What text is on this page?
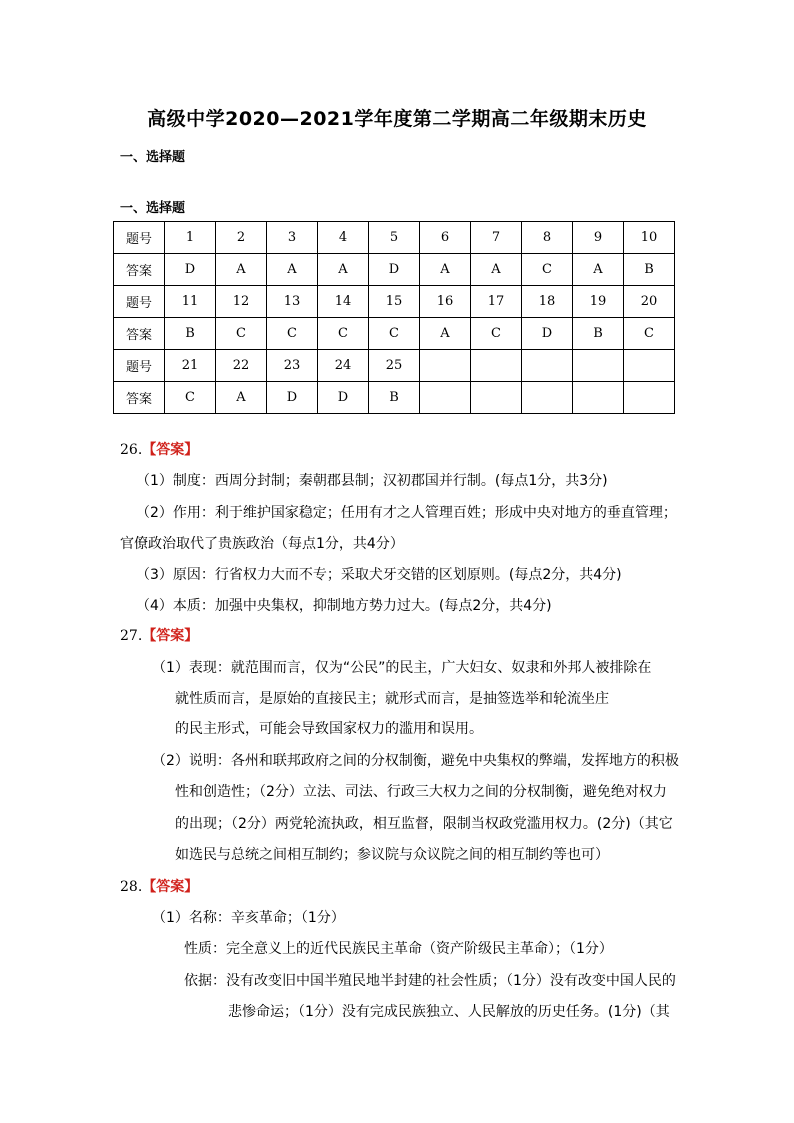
高级中学2020—2021学年度第二学期高二年级期末历史
一、选择题
一、选择题
题号	1	2	3	4	5	6	7	8	9	10
答案	D	A	A	A	D	A	A	C	A	B
题号	11	12	13	14	15	16	17	18	19	20
答案	B	C	C	C	C	A	C	D	B	C
题号	21	22	23	24	25					
答案	C	A	D	D	B					
26.【答案】
（1）制度：西周分封制；秦朝郡县制；汉初郡国并行制。(每点1分，共3分)
（2）作用：利于维护国家稳定；任用有才之人管理百姓；形成中央对地方的垂直管理；
官僚政治取代了贵族政治（每点1分，共4分）
（3）原因：行省权力大而不专；采取犬牙交错的区划原则。(每点2分，共4分)
（4）本质：加强中央集权，抑制地方势力过大。(每点2分，共4分)
27.【答案】
（1）表现：就范围而言，仅为“公民”的民主，广大妇女、奴隶和外邦人被排除在
就性质而言，是原始的直接民主；就形式而言，是抽签选举和轮流坐庄
的民主形式，可能会导致国家权力的滥用和误用。
（2）说明：各州和联邦政府之间的分权制衡，避免中央集权的弊端，发挥地方的积极
性和创造性；（2分）立法、司法、行政三大权力之间的分权制衡，避免绝对权力
的出现；（2分）两党轮流执政，相互监督，限制当权政党滥用权力。(2分)（其它
如选民与总统之间相互制约；参议院与众议院之间的相互制约等也可）
28.【答案】
（1）名称：辛亥革命；（1分）
性质：完全意义上的近代民族民主革命（资产阶级民主革命）；（1分）
依据：没有改变旧中国半殖民地半封建的社会性质；（1分）没有改变中国人民的
悲惨命运；（1分）没有完成民族独立、人民解放的历史任务。(1分)（其
